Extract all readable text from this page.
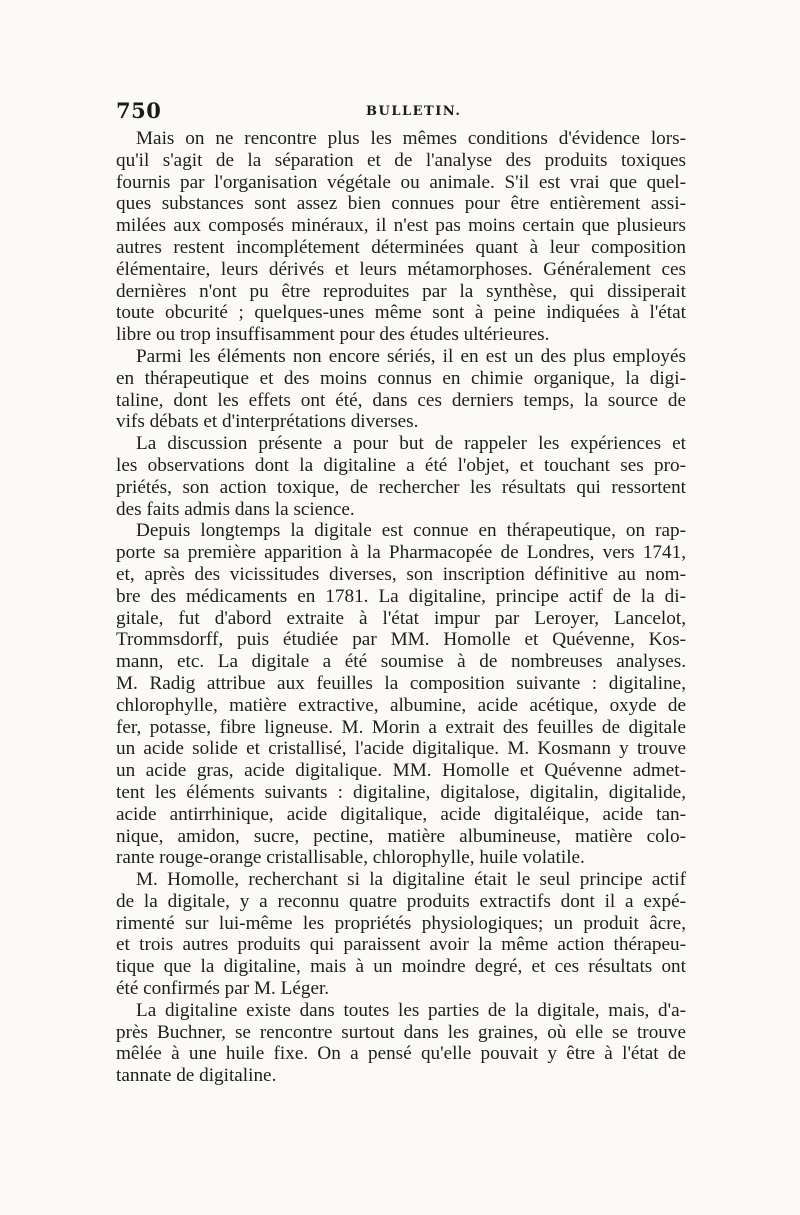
750	BULLETIN.
Mais on ne rencontre plus les mêmes conditions d'évidence lors-
qu'il s'agit de la séparation et de l'analyse des produits toxiques
fournis par l'organisation végétale ou animale. S'il est vrai que quel-
ques substances sont assez bien connues pour être entièrement assi-
milées aux composés minéraux, il n'est pas moins certain que plusieurs
autres restent incomplétement déterminées quant à leur composition
élémentaire, leurs dérivés et leurs métamorphoses. Généralement ces
dernières n'ont pu être reproduites par la synthèse, qui dissiperait
toute obcurité ; quelques-unes même sont à peine indiquées à l'état
libre ou trop insuffisamment pour des études ultérieures.
Parmi les éléments non encore sériés, il en est un des plus employés
en thérapeutique et des moins connus en chimie organique, la digi-
taline, dont les effets ont été, dans ces derniers temps, la source de
vifs débats et d'interprétations diverses.
La discussion présente a pour but de rappeler les expériences et
les observations dont la digitaline a été l'objet, et touchant ses pro-
priétés, son action toxique, de rechercher les résultats qui ressortent
des faits admis dans la science.
Depuis longtemps la digitale est connue en thérapeutique, on rap-
porte sa première apparition à la Pharmacopée de Londres, vers 1741,
et, après des vicissitudes diverses, son inscription définitive au nom-
bre des médicaments en 1781. La digitaline, principe actif de la di-
gitale, fut d'abord extraite à l'état impur par Leroyer, Lancelot,
Trommsdorff, puis étudiée par MM. Homolle et Quévenne, Kos-
mann, etc. La digitale a été soumise à de nombreuses analyses.
M. Radig attribue aux feuilles la composition suivante : digitaline,
chlorophylle, matière extractive, albumine, acide acétique, oxyde de
fer, potasse, fibre ligneuse. M. Morin a extrait des feuilles de digitale
un acide solide et cristallisé, l'acide digitalique. M. Kosmann y trouve
un acide gras, acide digitalique. MM. Homolle et Quévenne admet-
tent les éléments suivants : digitaline, digitalose, digitalin, digitalide,
acide antirrhinique, acide digitalique, acide digitaléique, acide tan-
nique, amidon, sucre, pectine, matière albumineuse, matière colo-
rante rouge-orange cristallisable, chlorophylle, huile volatile.
M. Homolle, recherchant si la digitaline était le seul principe actif
de la digitale, y a reconnu quatre produits extractifs dont il a expé-
rimenté sur lui-même les propriétés physiologiques; un produit âcre,
et trois autres produits qui paraissent avoir la même action thérapeu-
tique que la digitaline, mais à un moindre degré, et ces résultats ont
été confirmés par M. Léger.
La digitaline existe dans toutes les parties de la digitale, mais, d'a-
près Buchner, se rencontre surtout dans les graines, où elle se trouve
mêlée à une huile fixe. On a pensé qu'elle pouvait y être à l'état de
tannate de digitaline.
